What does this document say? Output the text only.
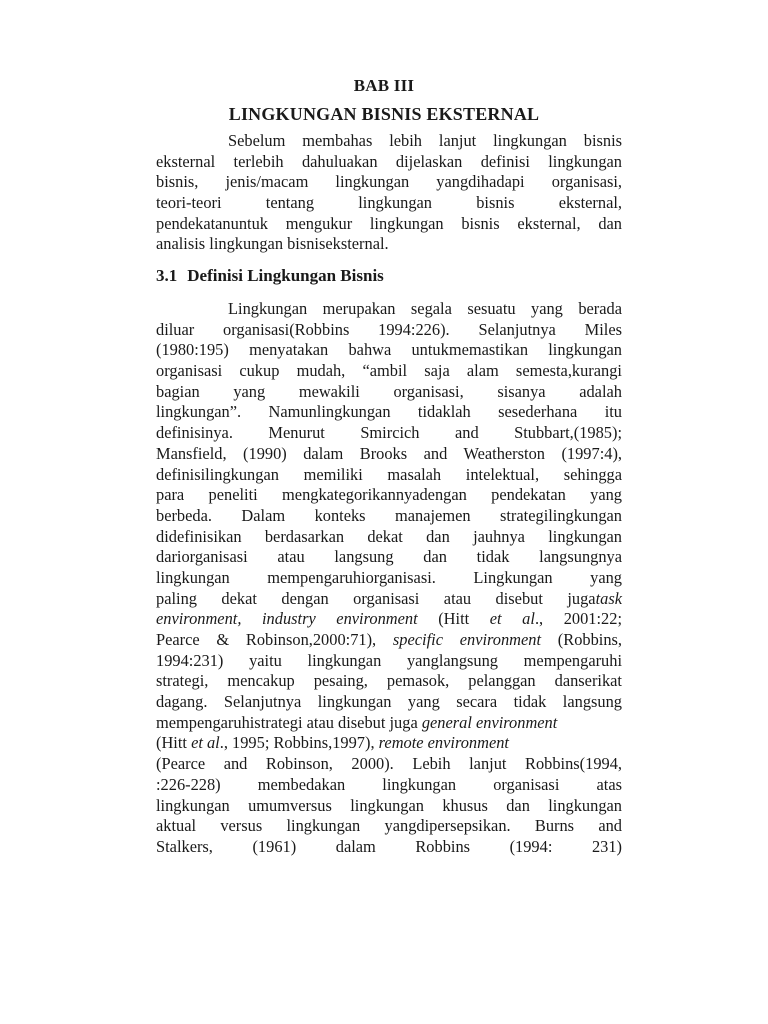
BAB III
LINGKUNGAN BISNIS EKSTERNAL
Sebelum membahas lebih lanjut lingkungan bisnis
eksternal terlebih dahuluakan dijelaskan definisi lingkungan
bisnis, jenis/macam lingkungan yangdihadapi organisasi,
teori-teori tentang lingkungan bisnis eksternal,
pendekatanuntuk mengukur lingkungan bisnis eksternal, dan
analisis lingkungan bisniseksternal.
3.1 Definisi Lingkungan Bisnis
Lingkungan merupakan segala sesuatu yang berada
diluar organisasi(Robbins 1994:226). Selanjutnya Miles
(1980:195) menyatakan bahwa untukmemastikan lingkungan
organisasi cukup mudah, “ambil saja alam semesta,kurangi
bagian yang mewakili organisasi, sisanya adalah
lingkungan”. Namunlingkungan tidaklah sesederhana itu
definisinya. Menurut Smircich and Stubbart,(1985);
Mansfield, (1990) dalam Brooks and Weatherston (1997:4),
definisilingkungan memiliki masalah intelektual, sehingga
para peneliti mengkategorikannyadengan pendekatan yang
berbeda. Dalam konteks manajemen strategilingkungan
didefinisikan berdasarkan dekat dan jauhnya lingkungan
dariorganisasi atau langsung dan tidak langsungnya
lingkungan mempengaruhiorganisasi. Lingkungan yang
paling dekat dengan organisasi atau disebut jugatask
environment, industry environment (Hitt et al., 2001:22;
Pearce & Robinson,2000:71), specific environment (Robbins,
1994:231) yaitu lingkungan yanglangsung mempengaruhi
strategi, mencakup pesaing, pemasok, pelanggan danserikat
dagang. Selanjutnya lingkungan yang secara tidak langsung
mempengaruhistrategi atau disebut juga general environment
(Hitt et al., 1995; Robbins,1997), remote environment
(Pearce and Robinson, 2000). Lebih lanjut Robbins(1994,
:226-228) membedakan lingkungan organisasi atas
lingkungan umumversus lingkungan khusus dan lingkungan
aktual versus lingkungan yangdipersepsikan. Burns and
Stalkers, (1961) dalam Robbins (1994: 231)
